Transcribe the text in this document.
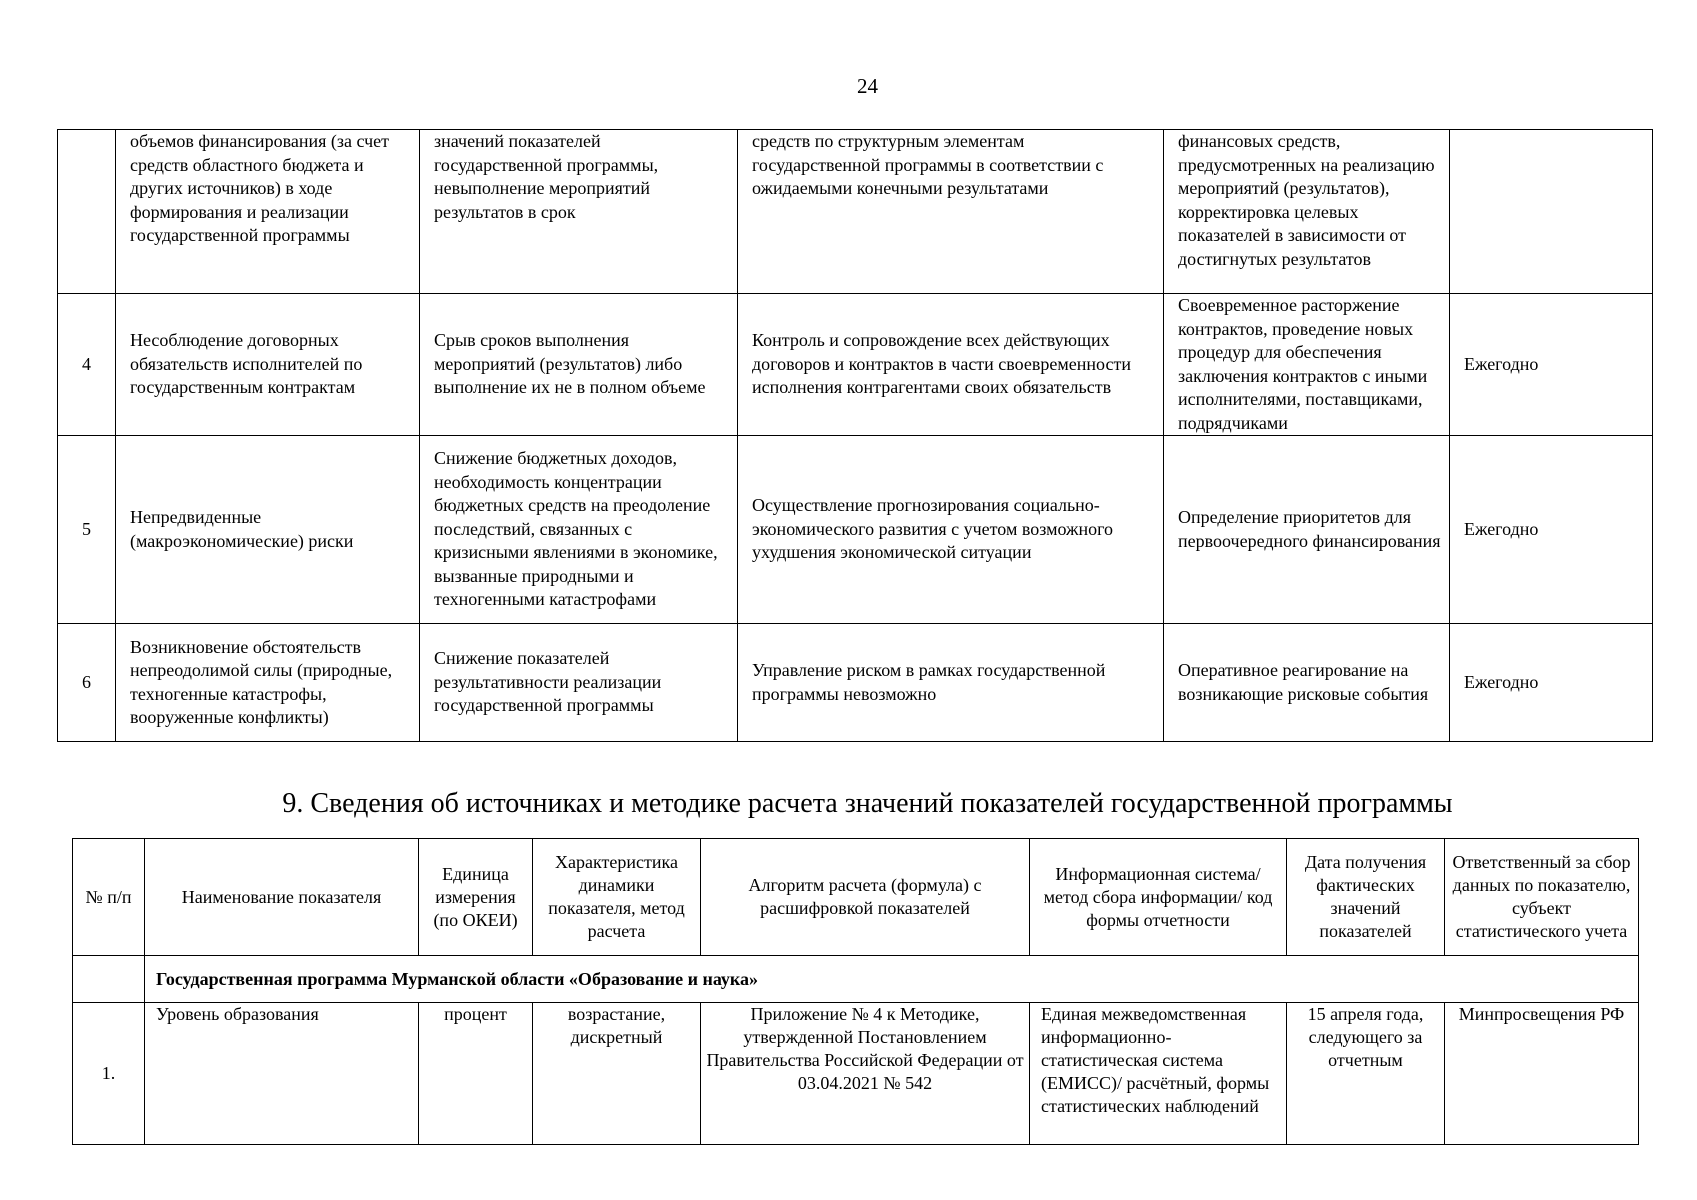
24
	объемов финансирования (за счет средств областного бюджета и других источников) в ходе формирования и реализации государственной программы	значений показателей государственной программы, невыполнение мероприятий результатов в срок	средств по структурным элементам государственной программы в соответствии с ожидаемыми конечными результатами	финансовых средств, предусмотренных на реализацию мероприятий (результатов), корректировка целевых показателей в зависимости от достигнутых результатов	
4	Несоблюдение договорных обязательств исполнителей по государственным контрактам	Срыв сроков выполнения мероприятий (результатов) либо выполнение их не в полном объеме	Контроль и сопровождение всех действующих договоров и контрактов в части своевременности исполнения контрагентами своих обязательств	Своевременное расторжение контрактов, проведение новых процедур для обеспечения заключения контрактов с иными исполнителями, поставщиками, подрядчиками	Ежегодно
5	Непредвиденные (макроэкономические) риски	Снижение бюджетных доходов, необходимость концентрации бюджетных средств на преодоление последствий, связанных с кризисными явлениями в экономике, вызванные природными и техногенными катастрофами	Осуществление прогнозирования социально-экономического развития с учетом возможного ухудшения экономической ситуации	Определение приоритетов для первоочередного финансирования	Ежегодно
6	Возникновение обстоятельств непреодолимой силы (природные, техногенные катастрофы, вооруженные конфликты)	Снижение показателей результативности реализации государственной программы	Управление риском в рамках государственной программы невозможно	Оперативное реагирование на возникающие рисковые события	Ежегодно
9. Сведения об источниках и методике расчета значений показателей государственной программы
№ п/п	Наименование показателя	Единица измерения (по ОКЕИ)	Характеристика динамики показателя, метод расчета	Алгоритм расчета (формула) с расшифровкой показателей	Информационная система/ метод сбора информации/ код формы отчетности	Дата получения фактических значений показателей	Ответственный за сбор данных по показателю, субъект статистического учета
	Государственная программа Мурманской области «Образование и наука»						
1.	Уровень образования	процент	возрастание, дискретный	Приложение № 4 к Методике, утвержденной Постановлением Правительства Российской Федерации от 03.04.2021 № 542	Единая межведомственная информационно-статистическая система (ЕМИСС)/ расчётный, формы статистических наблюдений	15 апреля года, следующего за отчетным	Минпросвещения РФ
